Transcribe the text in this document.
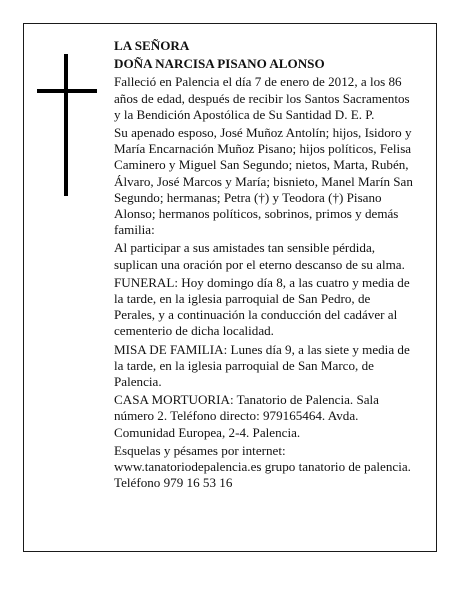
LA SEÑORA

DOÑA NARCISA PISANO ALONSO

Falleció en Palencia el día 7 de enero de 2012, a los 86 años de edad, después de recibir los Santos Sacramentos y la Bendición Apostólica de Su Santidad D. E. P.

Su apenado esposo, José Muñoz Antolín; hijos, Isidoro y María Encarnación Muñoz Pisano; hijos políticos, Felisa Caminero y Miguel San Segundo; nietos, Marta, Rubén, Álvaro, José Marcos y María; bisnieto, Manel Marín San Segundo; hermanas; Petra (†) y Teodora (†) Pisano Alonso; hermanos políticos, sobrinos, primos y demás familia:

Al participar a sus amistades tan sensible pérdida, suplican una oración por el eterno descanso de su alma.

FUNERAL: Hoy domingo día 8, a las cuatro y media de la tarde, en la iglesia parroquial de San Pedro, de Perales, y a continuación la conducción del cadáver al cementerio de dicha localidad.

MISA DE FAMILIA: Lunes día 9, a las siete y media de la tarde, en la iglesia parroquial de San Marco, de Palencia.

CASA MORTUORIA: Tanatorio de Palencia. Sala número 2. Teléfono directo: 979165464. Avda. Comunidad Europea, 2-4. Palencia.

Esquelas y pésames por internet: www.tanatoriodepalencia.es grupo tanatorio de palencia. Teléfono 979 16 53 16
